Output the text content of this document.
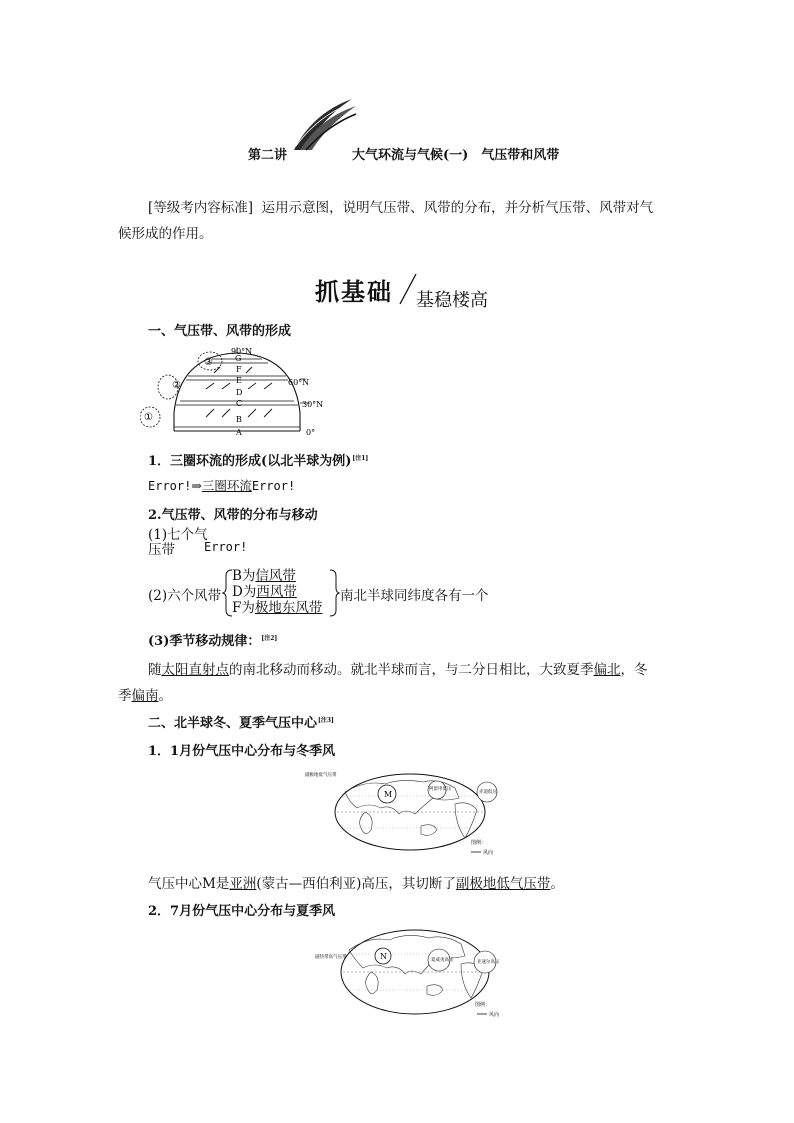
第二讲	大气环流与气候(一)　气压带和风带
[等级考内容标准] 运用示意图，说明气压带、风带的分布，并分析气压带、风带对气
候形成的作用。
抓基础 基稳楼高
一、气压带、风带的形成
90°N
60°N
30°N
0°
G
F
E
D
C
B
A
①
②
③
1．三圈环流的形成(以北半球为例)[注1]
Error!⇒三圈环流Error!
2.气压带、风带的分布与移动
(1)七个气
压带	Error!
(2)六个风带
B为信风带
D为西风带
F为极地东风带
南北半球同纬度各有一个
(3)季节移动规律：[注2]
随太阳直射点的南北移动而移动。就北半球而言，与二分日相比，大致夏季偏北，冬
季偏南。
二、北半球冬、夏季气压中心[注3]
1．1月份气压中心分布与冬季风
M
副极地低气压带
阿留申低压
赤道低压
图例：
风向
气压中心M是亚洲(蒙古—西伯利亚)高压，其切断了副极地低气压带。
2．7月份气压中心分布与夏季风
N
副热带高气压带
夏威夷高压	亚速尔高压
图例：
风向
